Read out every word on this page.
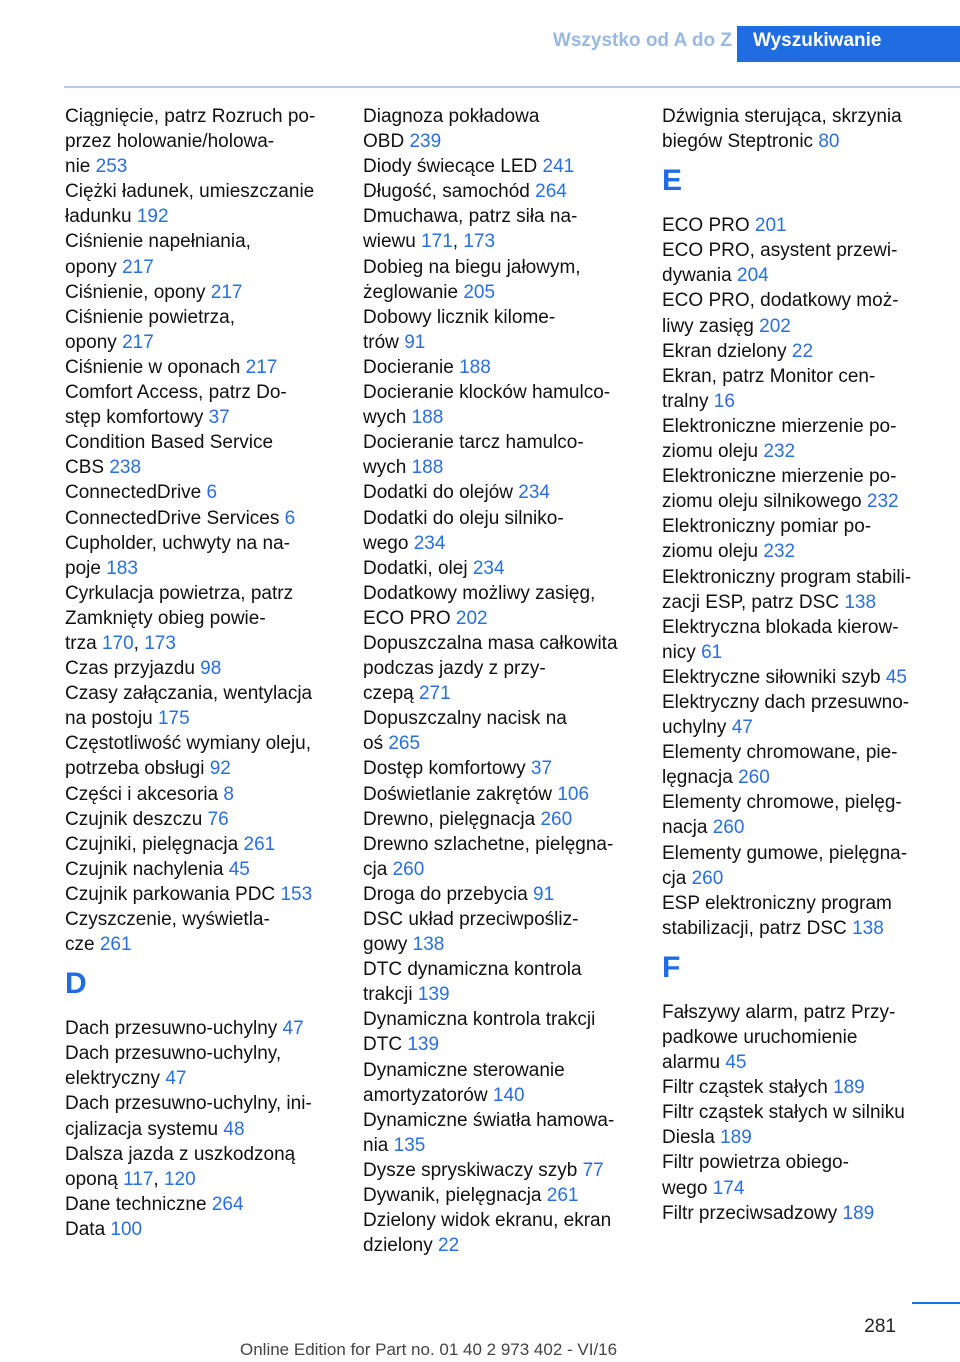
Wszystko od A do Z	Wyszukiwanie
Ciągnięcie, patrz Rozruch po-
przez holowanie/holowa-
nie 253
Ciężki ładunek, umieszczanie
ładunku 192
Ciśnienie napełniania,
opony 217
Ciśnienie, opony 217
Ciśnienie powietrza,
opony 217
Ciśnienie w oponach 217
Comfort Access, patrz Do-
stęp komfortowy 37
Condition Based Service
CBS 238
ConnectedDrive 6
ConnectedDrive Services 6
Cupholder, uchwyty na na-
poje 183
Cyrkulacja powietrza, patrz
Zamknięty obieg powie-
trza 170, 173
Czas przyjazdu 98
Czasy załączania, wentylacja
na postoju 175
Częstotliwość wymiany oleju,
potrzeba obsługi 92
Części i akcesoria 8
Czujnik deszczu 76
Czujniki, pielęgnacja 261
Czujnik nachylenia 45
Czujnik parkowania PDC 153
Czyszczenie, wyświetla-
cze 261
D
Dach przesuwno-uchylny 47
Dach przesuwno-uchylny,
elektryczny 47
Dach przesuwno-uchylny, ini-
cjalizacja systemu 48
Dalsza jazda z uszkodzoną
oponą 117, 120
Dane techniczne 264
Data 100
Diagnoza pokładowa
OBD 239
Diody świecące LED 241
Długość, samochód 264
Dmuchawa, patrz siła na-
wiewu 171, 173
Dobieg na biegu jałowym,
żeglowanie 205
Dobowy licznik kilome-
trów 91
Docieranie 188
Docieranie klocków hamulco-
wych 188
Docieranie tarcz hamulco-
wych 188
Dodatki do olejów 234
Dodatki do oleju silniko-
wego 234
Dodatki, olej 234
Dodatkowy możliwy zasięg,
ECO PRO 202
Dopuszczalna masa całkowita
podczas jazdy z przy-
czepą 271
Dopuszczalny nacisk na
oś 265
Dostęp komfortowy 37
Doświetlanie zakrętów 106
Drewno, pielęgnacja 260
Drewno szlachetne, pielęgna-
cja 260
Droga do przebycia 91
DSC układ przeciwpośliz-
gowy 138
DTC dynamiczna kontrola
trakcji 139
Dynamiczna kontrola trakcji
DTC 139
Dynamiczne sterowanie
amortyzatorów 140
Dynamiczne światła hamowa-
nia 135
Dysze spryskiwaczy szyb 77
Dywanik, pielęgnacja 261
Dzielony widok ekranu, ekran
dzielony 22
Dźwignia sterująca, skrzynia
biegów Steptronic 80
E
ECO PRO 201
ECO PRO, asystent przewi-
dywania 204
ECO PRO, dodatkowy moż-
liwy zasięg 202
Ekran dzielony 22
Ekran, patrz Monitor cen-
tralny 16
Elektroniczne mierzenie po-
ziomu oleju 232
Elektroniczne mierzenie po-
ziomu oleju silnikowego 232
Elektroniczny pomiar po-
ziomu oleju 232
Elektroniczny program stabili-
zacji ESP, patrz DSC 138
Elektryczna blokada kierow-
nicy 61
Elektryczne siłowniki szyb 45
Elektryczny dach przesuwno-
uchylny 47
Elementy chromowane, pie-
lęgnacja 260
Elementy chromowe, pielęg-
nacja 260
Elementy gumowe, pielęgna-
cja 260
ESP elektroniczny program
stabilizacji, patrz DSC 138
F
Fałszywy alarm, patrz Przy-
padkowe uruchomienie
alarmu 45
Filtr cząstek stałych 189
Filtr cząstek stałych w silniku
Diesla 189
Filtr powietrza obiego-
wego 174
Filtr przeciwsadzowy 189
281
Online Edition for Part no. 01 40 2 973 402 - VI/16
